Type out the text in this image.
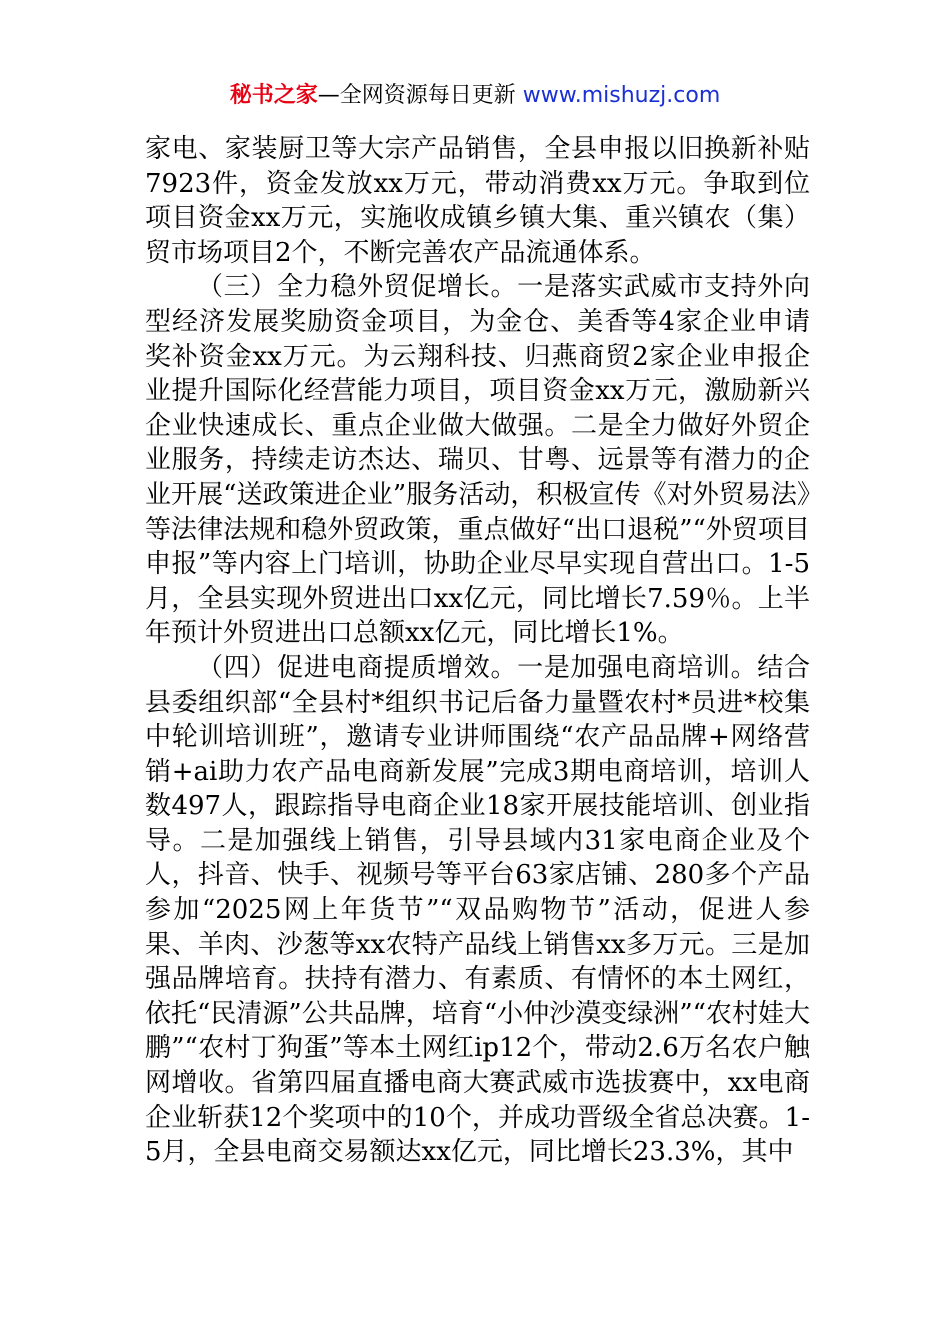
秘书之家—全网资源每日更新 www.mishuzj.com

家电、家装厨卫等大宗产品销售，全县申报以旧换新补贴7923件，资金发放xx万元，带动消费xx万元。争取到位项目资金xx万元，实施收成镇乡镇大集、重兴镇农（集）贸市场项目2个，不断完善农产品流通体系。

（三）全力稳外贸促增长。一是落实武威市支持外向型经济发展奖励资金项目，为金仓、美香等4家企业申请奖补资金xx万元。为云翔科技、归燕商贸2家企业申报企业提升国际化经营能力项目，项目资金xx万元，激励新兴企业快速成长、重点企业做大做强。二是全力做好外贸企业服务，持续走访杰达、瑞贝、甘粤、远景等有潜力的企业开展“送政策进企业”服务活动，积极宣传《对外贸易法》等法律法规和稳外贸政策，重点做好“出口退税”“外贸项目申报”等内容上门培训，协助企业尽早实现自营出口。1-5月，全县实现外贸进出口xx亿元，同比增长7.59％。上半年预计外贸进出口总额xx亿元，同比增长1%。

（四）促进电商提质增效。一是加强电商培训。结合县委组织部“全县村*组织书记后备力量暨农村*员进*校集中轮训培训班”，邀请专业讲师围绕“农产品品牌+网络营销+ai助力农产品电商新发展”完成3期电商培训，培训人数497人，跟踪指导电商企业18家开展技能培训、创业指导。二是加强线上销售，引导县域内31家电商企业及个人，抖音、快手、视频号等平台63家店铺、280多个产品参加“2025网上年货节”“双品购物节”活动，促进人参果、羊肉、沙葱等xx农特产品线上销售xx多万元。三是加强品牌培育。扶持有潜力、有素质、有情怀的本土网红，依托“民清源”公共品牌，培育“小仲沙漠变绿洲”“农村娃大鹏”“农村丁狗蛋”等本土网红ip12个，带动2.6万名农户触网增收。省第四届直播电商大赛武威市选拔赛中，xx电商企业斩获12个奖项中的10个，并成功晋级全省总决赛。1-5月，全县电商交易额达xx亿元，同比增长23.3%，其中
